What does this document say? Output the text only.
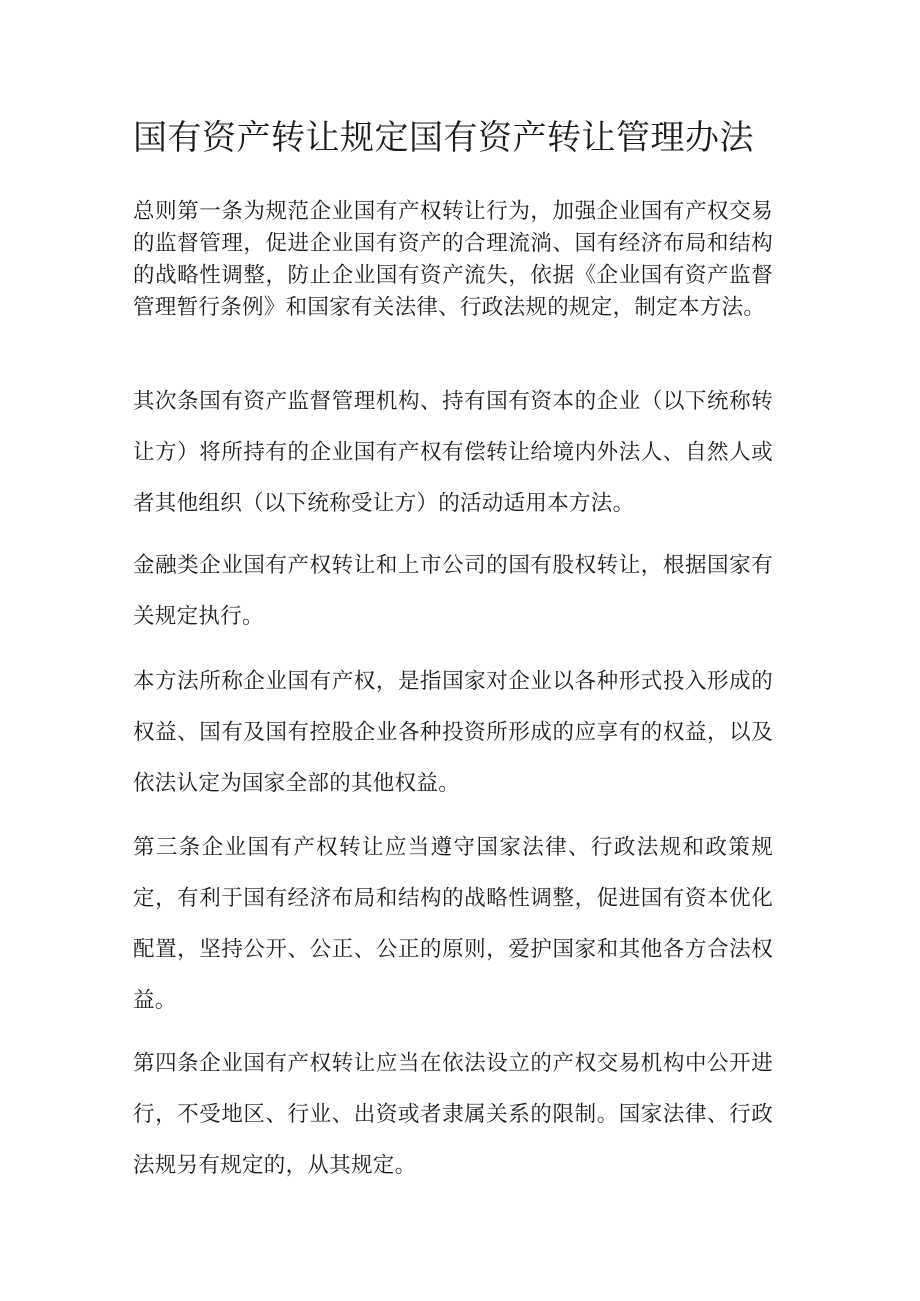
国有资产转让规定国有资产转让管理办法

总则第一条为规范企业国有产权转让行为，加强企业国有产权交易的监督管理，促进企业国有资产的合理流淌、国有经济布局和结构的战略性调整，防止企业国有资产流失，依据《企业国有资产监督管理暂行条例》和国家有关法律、行政法规的规定，制定本方法。

其次条国有资产监督管理机构、持有国有资本的企业（以下统称转让方）将所持有的企业国有产权有偿转让给境内外法人、自然人或者其他组织（以下统称受让方）的活动适用本方法。

金融类企业国有产权转让和上市公司的国有股权转让，根据国家有关规定执行。

本方法所称企业国有产权，是指国家对企业以各种形式投入形成的权益、国有及国有控股企业各种投资所形成的应享有的权益，以及依法认定为国家全部的其他权益。

第三条企业国有产权转让应当遵守国家法律、行政法规和政策规定，有利于国有经济布局和结构的战略性调整，促进国有资本优化配置，坚持公开、公正、公正的原则，爱护国家和其他各方合法权益。

第四条企业国有产权转让应当在依法设立的产权交易机构中公开进行，不受地区、行业、出资或者隶属关系的限制。国家法律、行政法规另有规定的，从其规定。
